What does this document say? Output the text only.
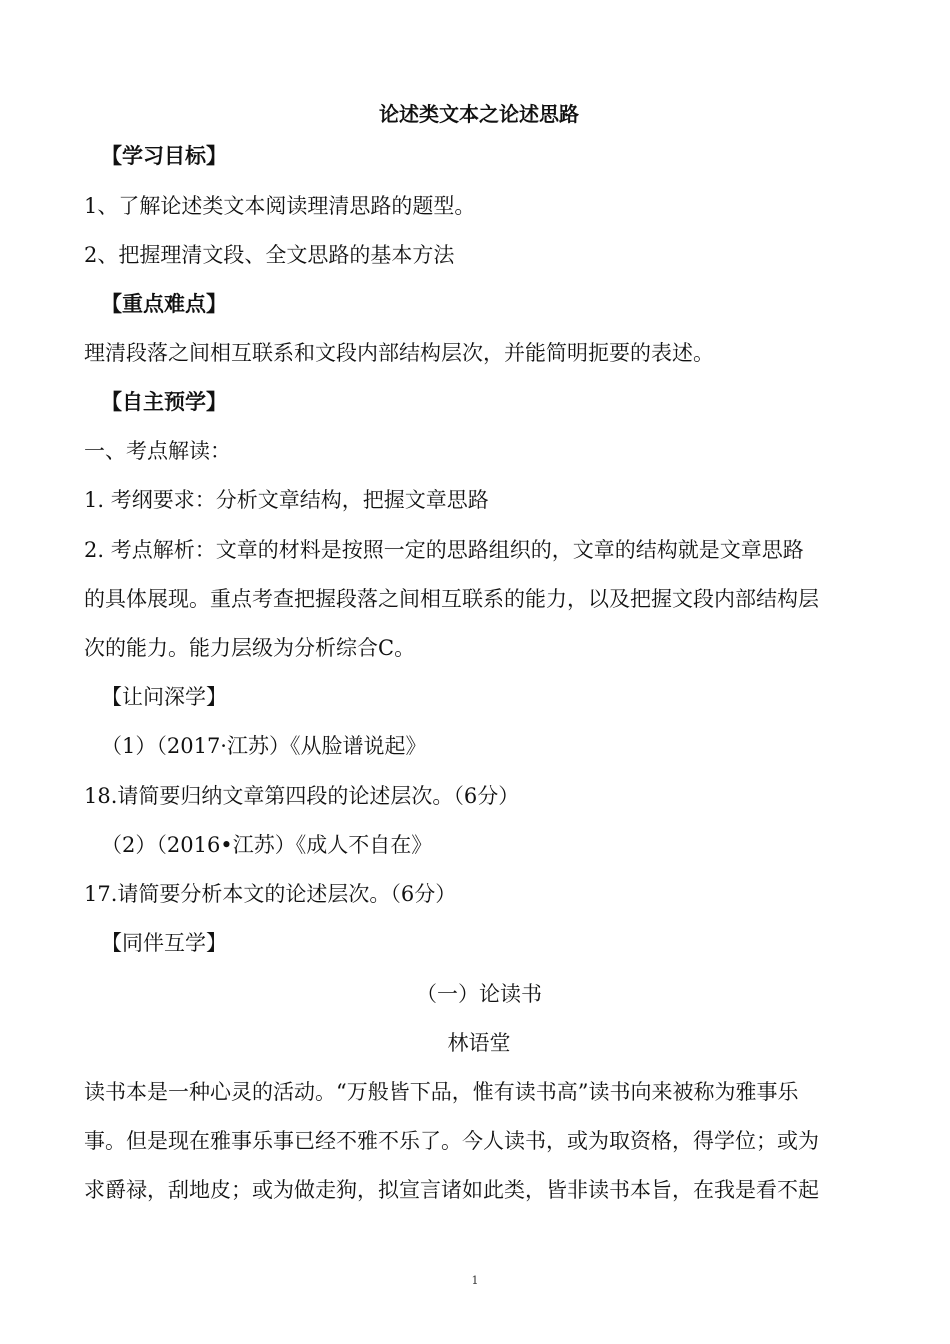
论述类文本之论述思路
【学习目标】
1、了解论述类文本阅读理清思路的题型。
2、把握理清文段、全文思路的基本方法
【重点难点】
理清段落之间相互联系和文段内部结构层次，并能简明扼要的表述。
【自主预学】
一、考点解读：
1. 考纲要求：分析文章结构，把握文章思路
2. 考点解析：文章的材料是按照一定的思路组织的，文章的结构就是文章思路
的具体展现。重点考查把握段落之间相互联系的能力，以及把握文段内部结构层
次的能力。能力层级为分析综合C。
【让问深学】
（1）（2017·江苏）《从脸谱说起》
18.请简要归纳文章第四段的论述层次。（6分）
（2）（2016•江苏）《成人不自在》
17.请简要分析本文的论述层次。（6分）
【同伴互学】
（一）论读书
林语堂
读书本是一种心灵的活动。“万般皆下品，惟有读书高”读书向来被称为雅事乐
事。但是现在雅事乐事已经不雅不乐了。今人读书，或为取资格，得学位；或为
求爵禄，刮地皮；或为做走狗，拟宣言诸如此类，皆非读书本旨，在我是看不起
1
